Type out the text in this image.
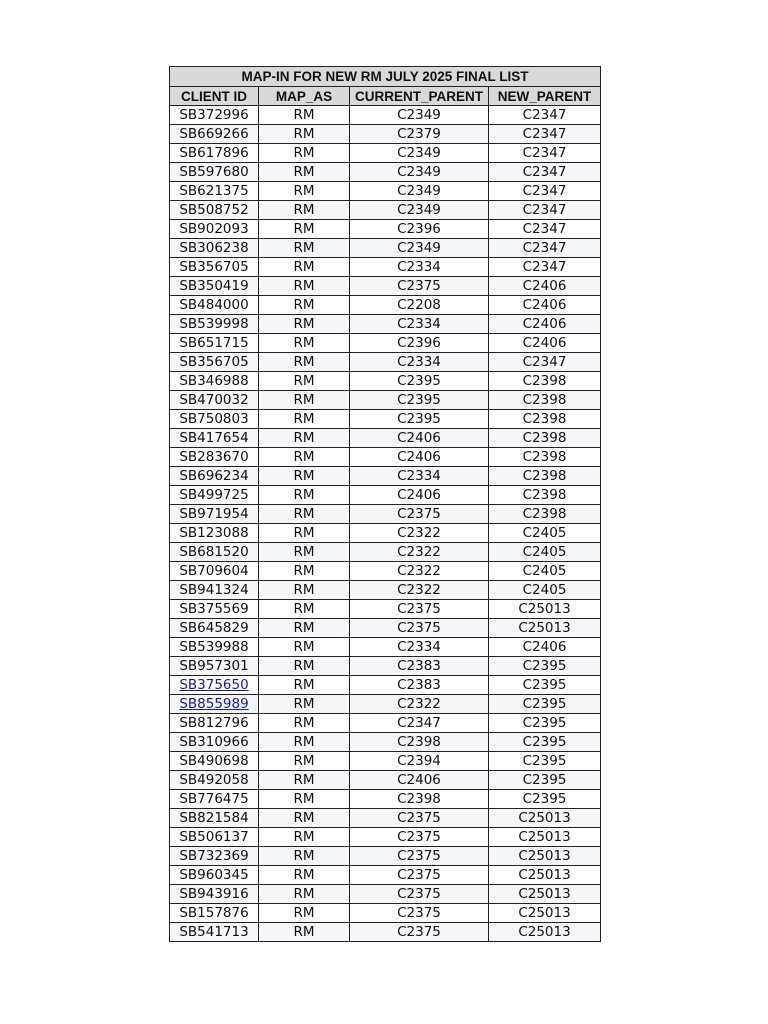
MAP-IN FOR NEW RM JULY 2025 FINAL LIST			
CLIENT ID	MAP_AS	CURRENT_PARENT	NEW_PARENT
SB372996	RM	C2349	C2347
SB669266	RM	C2379	C2347
SB617896	RM	C2349	C2347
SB597680	RM	C2349	C2347
SB621375	RM	C2349	C2347
SB508752	RM	C2349	C2347
SB902093	RM	C2396	C2347
SB306238	RM	C2349	C2347
SB356705	RM	C2334	C2347
SB350419	RM	C2375	C2406
SB484000	RM	C2208	C2406
SB539998	RM	C2334	C2406
SB651715	RM	C2396	C2406
SB356705	RM	C2334	C2347
SB346988	RM	C2395	C2398
SB470032	RM	C2395	C2398
SB750803	RM	C2395	C2398
SB417654	RM	C2406	C2398
SB283670	RM	C2406	C2398
SB696234	RM	C2334	C2398
SB499725	RM	C2406	C2398
SB971954	RM	C2375	C2398
SB123088	RM	C2322	C2405
SB681520	RM	C2322	C2405
SB709604	RM	C2322	C2405
SB941324	RM	C2322	C2405
SB375569	RM	C2375	C25013
SB645829	RM	C2375	C25013
SB539988	RM	C2334	C2406
SB957301	RM	C2383	C2395
SB375650	RM	C2383	C2395
SB855989	RM	C2322	C2395
SB812796	RM	C2347	C2395
SB310966	RM	C2398	C2395
SB490698	RM	C2394	C2395
SB492058	RM	C2406	C2395
SB776475	RM	C2398	C2395
SB821584	RM	C2375	C25013
SB506137	RM	C2375	C25013
SB732369	RM	C2375	C25013
SB960345	RM	C2375	C25013
SB943916	RM	C2375	C25013
SB157876	RM	C2375	C25013
SB541713	RM	C2375	C25013
